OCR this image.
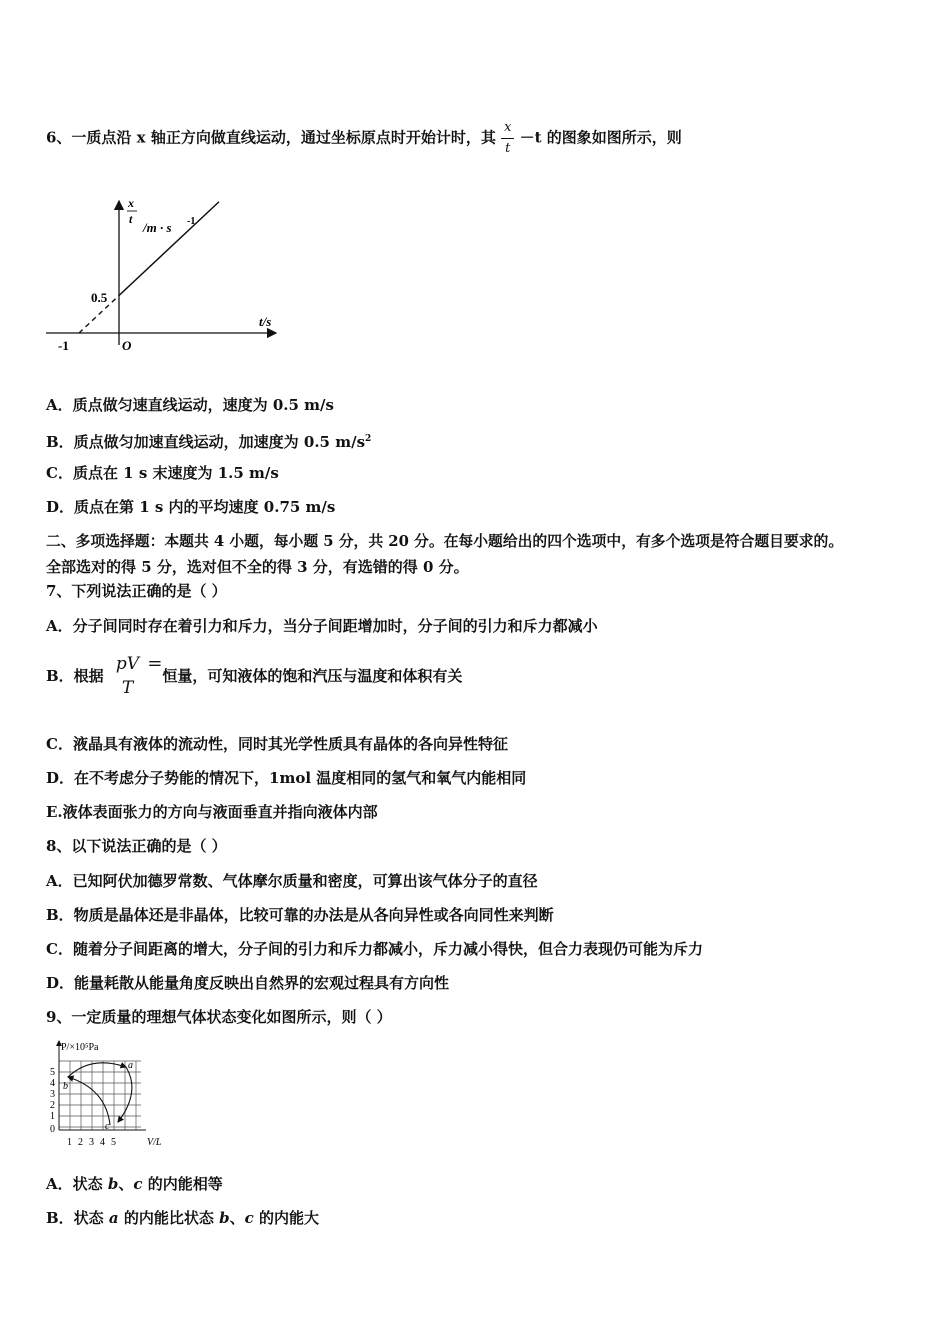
6、一质点沿 x 轴正方向做直线运动，通过坐标原点时开始计时，其 $\frac{x}{t} -t$ 的图象如图所示，则
x
t
/m · s -1
t/s
O
-1
0.5
A．质点做匀速直线运动，速度为 0.5 m/s
B．质点做匀加速直线运动，加速度为 0.5 $m/s^2$
C．质点在 1 s 末速度为 1.5 m/s
D．质点在第 1 s 内的平均速度 0.75 m/s
二、多项选择题：本题共 4 小题，每小题 5 分，共 20 分。在每小题给出的四个选项中，有多个选项是符合题目要求的。
全部选对的得 5 分，选对但不全的得 3 分，有选错的得 0 分。
7、下列说法正确的是（ ）
A．分子间同时存在着引力和斥力，当分子间距增加时，分子间的引力和斥力都减小
B．根据
pV
T
=恒量，可知液体的饱和汽压与温度和体积有关
C．液晶具有液体的流动性，同时其光学性质具有晶体的各向异性特征
D．在不考虑分子势能的情况下，1mol 温度相同的氢气和氧气内能相同
E.液体表面张力的方向与液面垂直并指向液体内部
8、以下说法正确的是（ ）
A．已知阿伏加德罗常数、气体摩尔质量和密度，可算出该气体分子的直径
B．物质是晶体还是非晶体，比较可靠的办法是从各向异性或各向同性来判断
C．随着分子间距离的增大，分子间的引力和斥力都减小，斥力减小得快，但合力表现仍可能为斥力
D．能量耗散从能量角度反映出自然界的宏观过程具有方向性
9、一定质量的理想气体状态变化如图所示，则（ ）
P/×10⁵Pa
V/L
5
4
3
2
1
0
1 2 3 4 5
a
b
c
A．状态 b、c 的内能相等
B．状态 a 的内能比状态 b、c 的内能大
